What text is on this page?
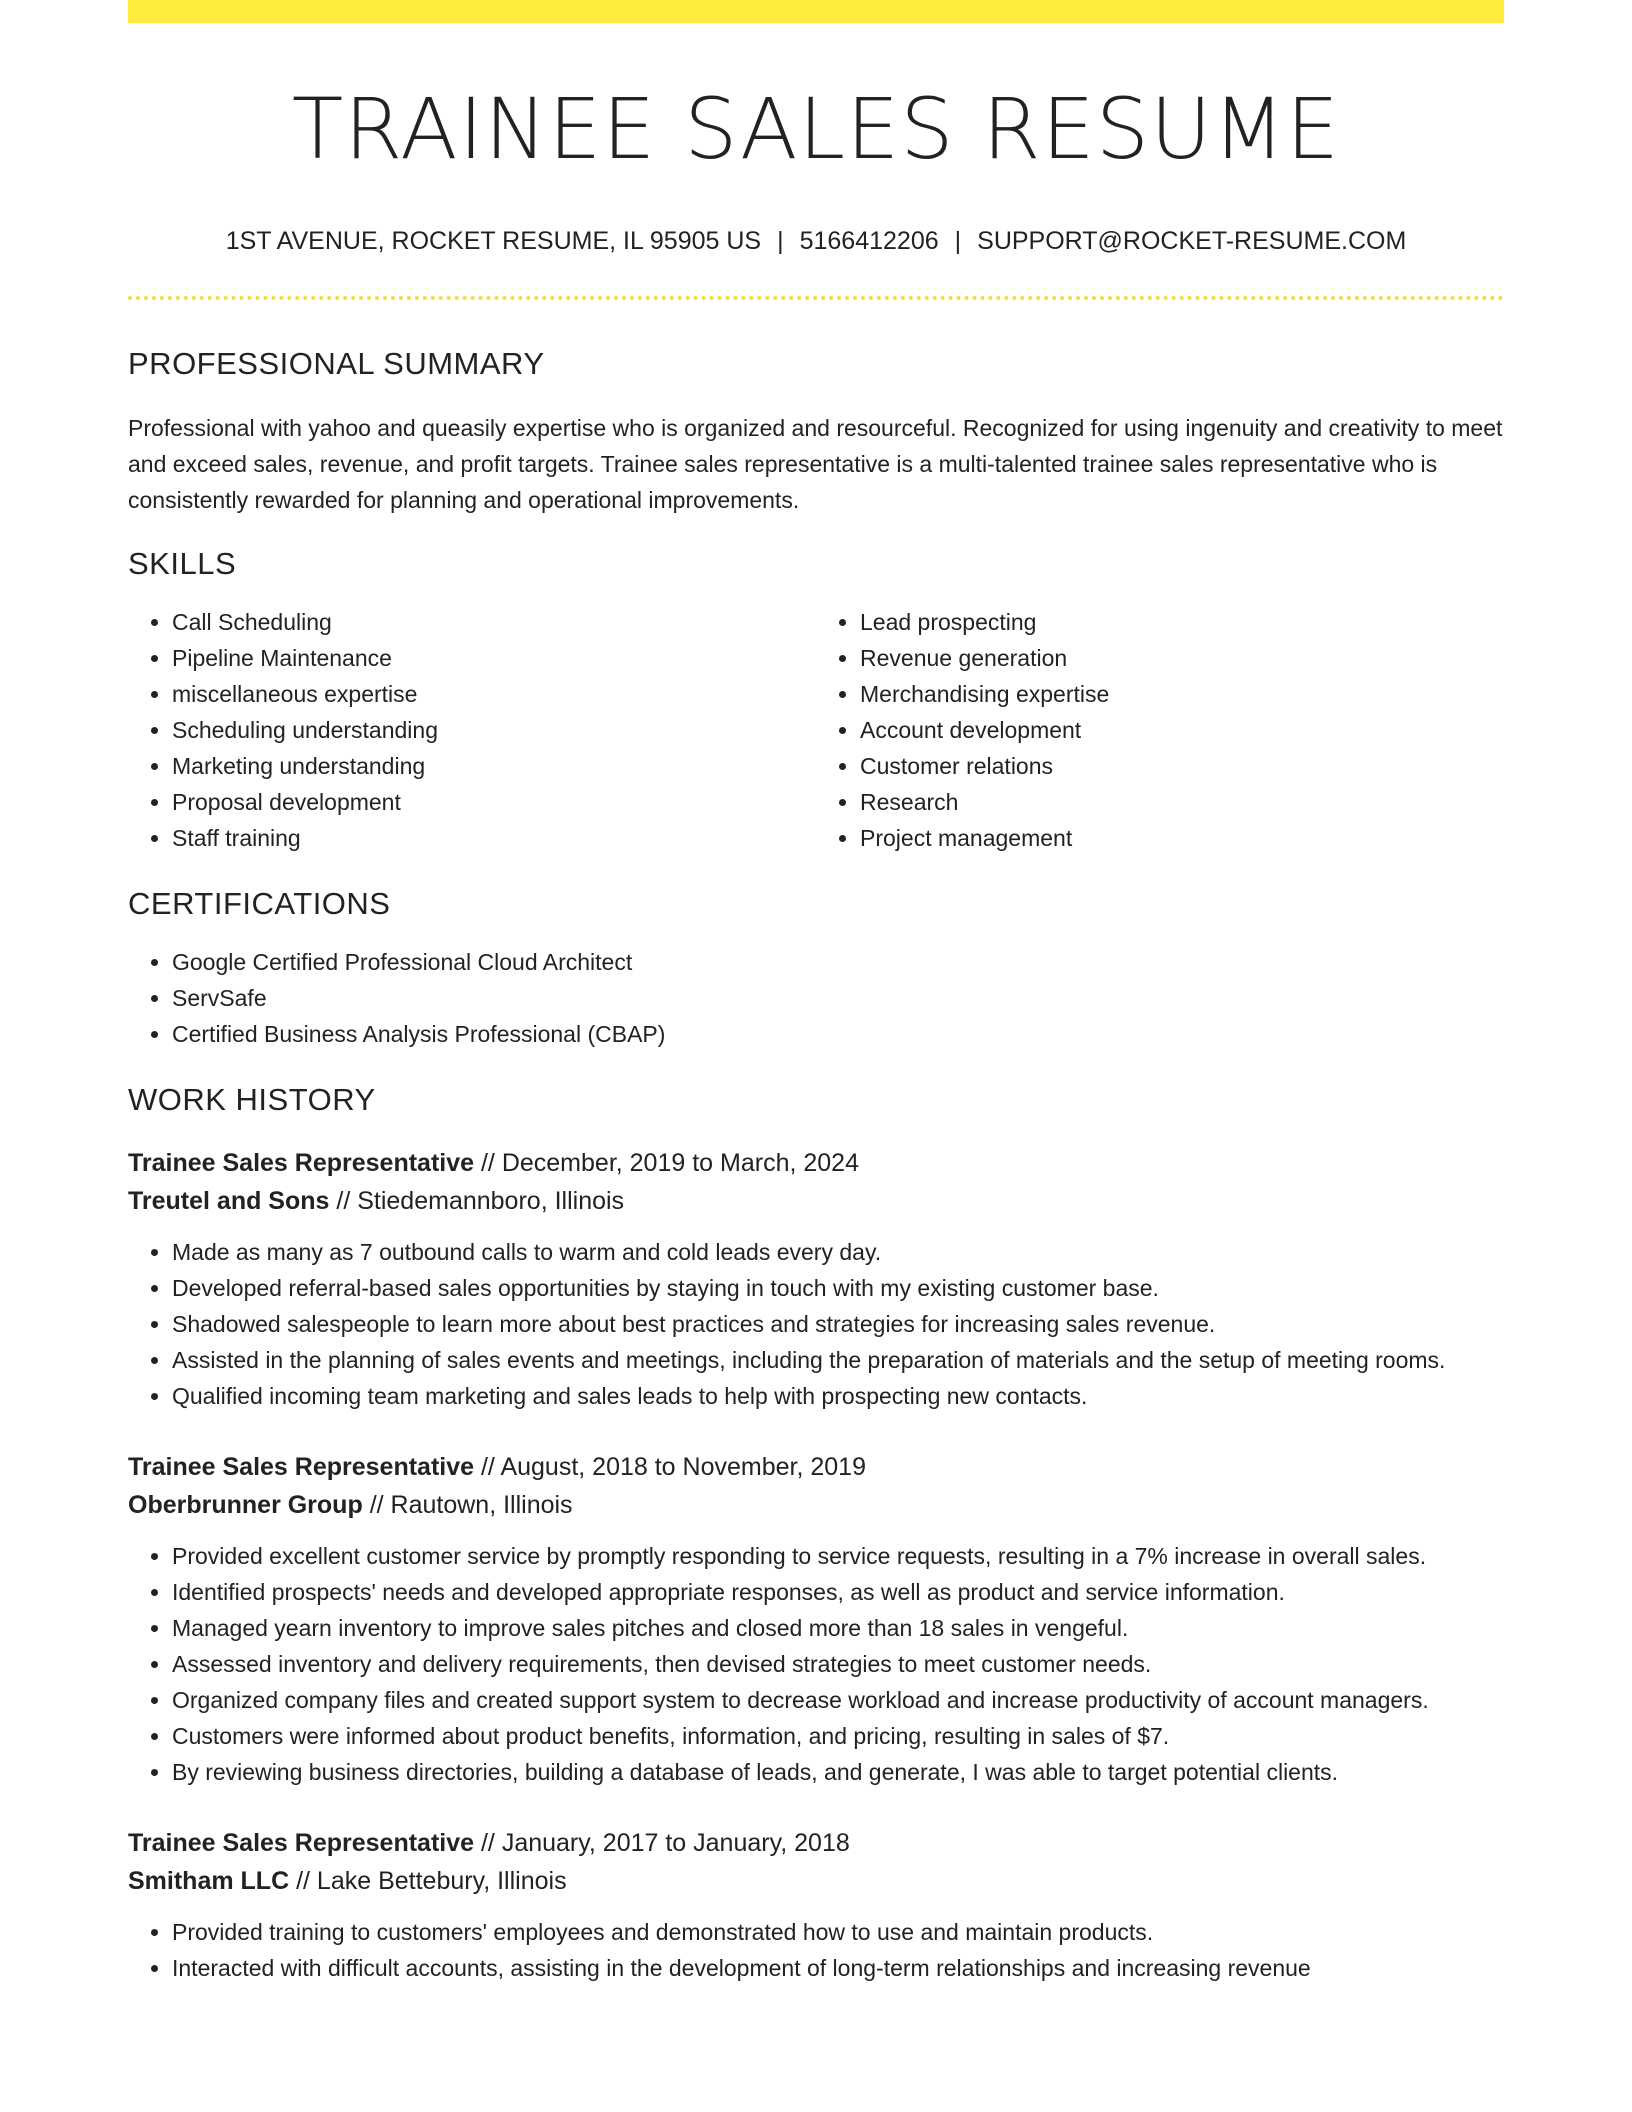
TRAINEE SALES RESUME
1ST AVENUE, ROCKET RESUME, IL 95905 US | 5166412206 | SUPPORT@ROCKET-RESUME.COM
PROFESSIONAL SUMMARY

Professional with yahoo and queasily expertise who is organized and resourceful. Recognized for using ingenuity and creativity to meet and exceed sales, revenue, and profit targets. Trainee sales representative is a multi-talented trainee sales representative who is consistently rewarded for planning and operational improvements.

SKILLS
• Call Scheduling
• Pipeline Maintenance
• miscellaneous expertise
• Scheduling understanding
• Marketing understanding
• Proposal development
• Staff training
• Lead prospecting
• Revenue generation
• Merchandising expertise
• Account development
• Customer relations
• Research
• Project management
CERTIFICATIONS
• Google Certified Professional Cloud Architect
• ServSafe
• Certified Business Analysis Professional (CBAP)
WORK HISTORY
Trainee Sales Representative // December, 2019 to March, 2024
Treutel and Sons // Stiedemannboro, Illinois
• Made as many as 7 outbound calls to warm and cold leads every day.
• Developed referral-based sales opportunities by staying in touch with my existing customer base.
• Shadowed salespeople to learn more about best practices and strategies for increasing sales revenue.
• Assisted in the planning of sales events and meetings, including the preparation of materials and the setup of meeting rooms.
• Qualified incoming team marketing and sales leads to help with prospecting new contacts.
Trainee Sales Representative // August, 2018 to November, 2019
Oberbrunner Group // Rautown, Illinois
• Provided excellent customer service by promptly responding to service requests, resulting in a 7% increase in overall sales.
• Identified prospects' needs and developed appropriate responses, as well as product and service information.
• Managed yearn inventory to improve sales pitches and closed more than 18 sales in vengeful.
• Assessed inventory and delivery requirements, then devised strategies to meet customer needs.
• Organized company files and created support system to decrease workload and increase productivity of account managers.
• Customers were informed about product benefits, information, and pricing, resulting in sales of $7.
• By reviewing business directories, building a database of leads, and generate, I was able to target potential clients.
Trainee Sales Representative // January, 2017 to January, 2018
Smitham LLC // Lake Bettebury, Illinois
• Provided training to customers' employees and demonstrated how to use and maintain products.
• Interacted with difficult accounts, assisting in the development of long-term relationships and increasing revenue
